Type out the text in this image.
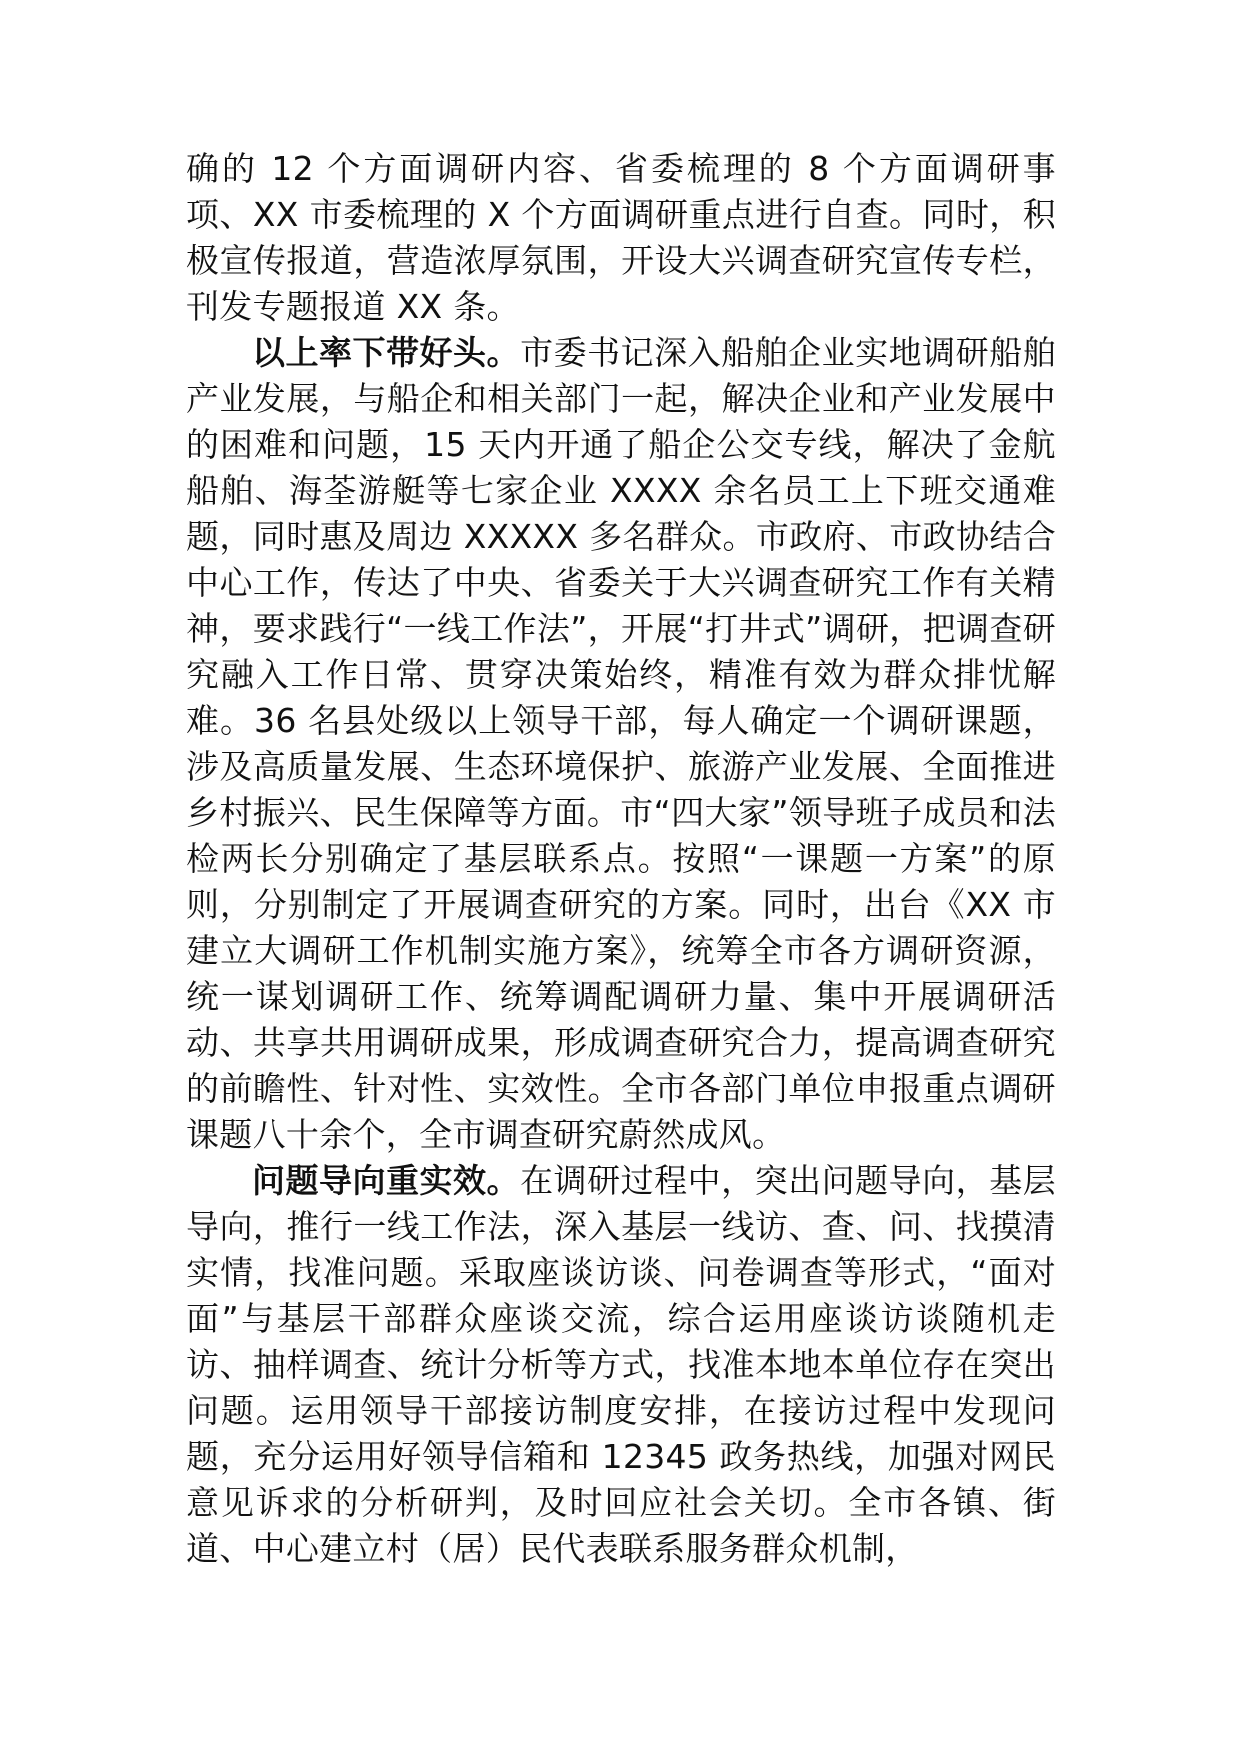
确的 12 个方面调研内容、省委梳理的 8 个方面调研事项、XX 市委梳理的 X 个方面调研重点进行自查。同时，积极宣传报道，营造浓厚氛围，开设大兴调查研究宣传专栏，刊发专题报道 XX 条。

以上率下带好头。市委书记深入船舶企业实地调研船舶产业发展，与船企和相关部门一起，解决企业和产业发展中的困难和问题，15 天内开通了船企公交专线，解决了金航船舶、海荃游艇等七家企业 XXXX 余名员工上下班交通难题，同时惠及周边 XXXXX 多名群众。市政府、市政协结合中心工作，传达了中央、省委关于大兴调查研究工作有关精神，要求践行“一线工作法”，开展“打井式”调研，把调查研究融入工作日常、贯穿决策始终，精准有效为群众排忧解难。36 名县处级以上领导干部，每人确定一个调研课题，涉及高质量发展、生态环境保护、旅游产业发展、全面推进乡村振兴、民生保障等方面。市“四大家”领导班子成员和法检两长分别确定了基层联系点。按照“一课题一方案”的原则，分别制定了开展调查研究的方案。同时，出台《XX 市建立大调研工作机制实施方案》，统筹全市各方调研资源，统一谋划调研工作、统筹调配调研力量、集中开展调研活动、共享共用调研成果，形成调查研究合力，提高调查研究的前瞻性、针对性、实效性。全市各部门单位申报重点调研课题八十余个，全市调查研究蔚然成风。

问题导向重实效。在调研过程中，突出问题导向，基层导向，推行一线工作法，深入基层一线访、查、问、找摸清实情，找准问题。采取座谈访谈、问卷调查等形式，“面对面”与基层干部群众座谈交流，综合运用座谈访谈随机走访、抽样调查、统计分析等方式，找准本地本单位存在突出问题。运用领导干部接访制度安排，在接访过程中发现问题，充分运用好领导信箱和 12345 政务热线，加强对网民意见诉求的分析研判，及时回应社会关切。全市各镇、街道、中心建立村（居）民代表联系服务群众机制，
